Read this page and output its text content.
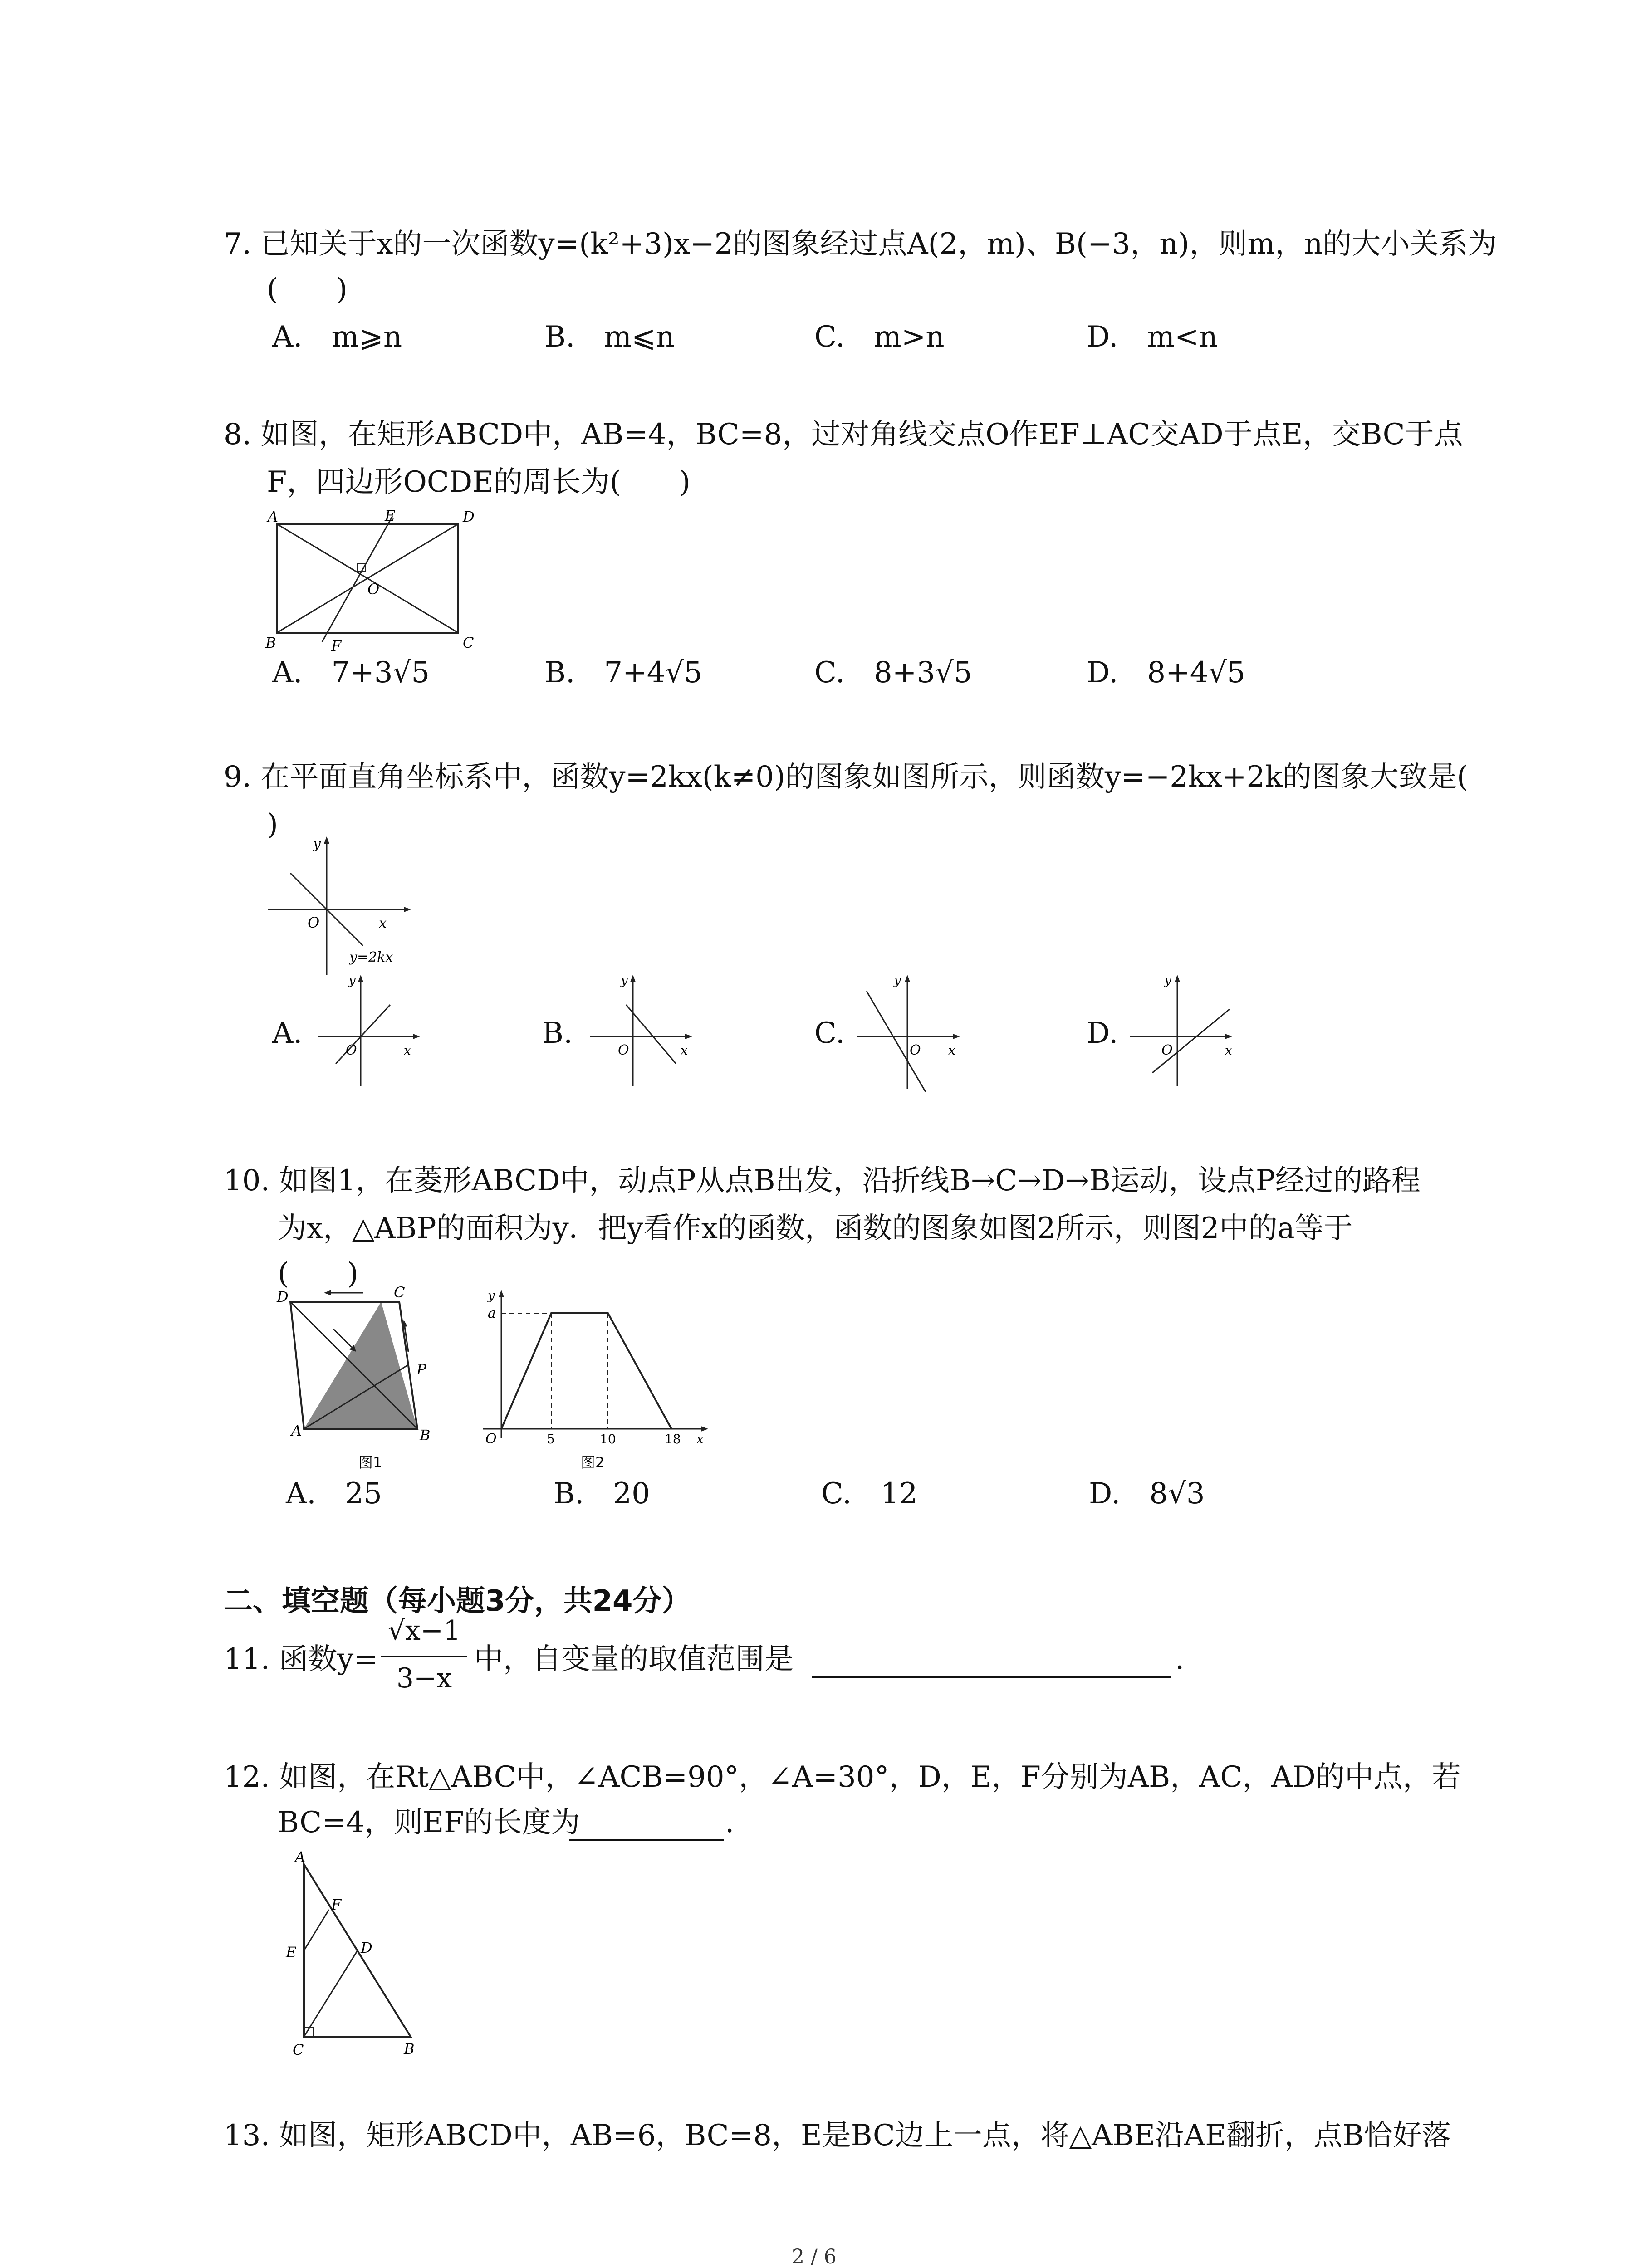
7. 已知关于x的一次函数y=(k²+3)x−2的图象经过点A(2，m)、B(−3，n)，则m，n的大小关系为
(　　)
A.　m⩾n	B.　m⩽n	C.　m>n	D.　m<n
8. 如图，在矩形ABCD中，AB=4，BC=8，过对角线交点O作EF⊥AC交AD于点E，交BC于点
F，四边形OCDE的周长为(　　)
A	E	D
O
B	F	C
A.　7+3√5	B.　7+4√5	C.　8+3√5	D.　8+4√5
9. 在平面直角坐标系中，函数y=2kx(k≠0)的图象如图所示，则函数y=−2kx+2k的图象大致是(
)
y
x
O
y=2kx
A.
y
x
O
B.
y
x
O
C.
y
x
O
D.
y
x
O
10. 如图1，在菱形ABCD中，动点P从点B出发，沿折线B→C→D→B运动，设点P经过的路程
为x，△ABP的面积为y．把y看作x的函数，函数的图象如图2所示，则图2中的a等于
(　　)
D	C
P
A	B
图1
y
a
O	5	10	18 x
图2
A.　25	B.　20	C.　12	D.　8√3
二、填空题（每小题3分，共24分）
11. 函数y=
√x−1
3−x
中，自变量的取值范围是	.
12. 如图，在Rt△ABC中，∠ACB=90°，∠A=30°，D，E，F分别为AB，AC，AD的中点，若
BC=4，则EF的长度为	.
A
F
D
E
C	B
13. 如图，矩形ABCD中，AB=6，BC=8，E是BC边上一点，将△ABE沿AE翻折，点B恰好落
2 / 6
